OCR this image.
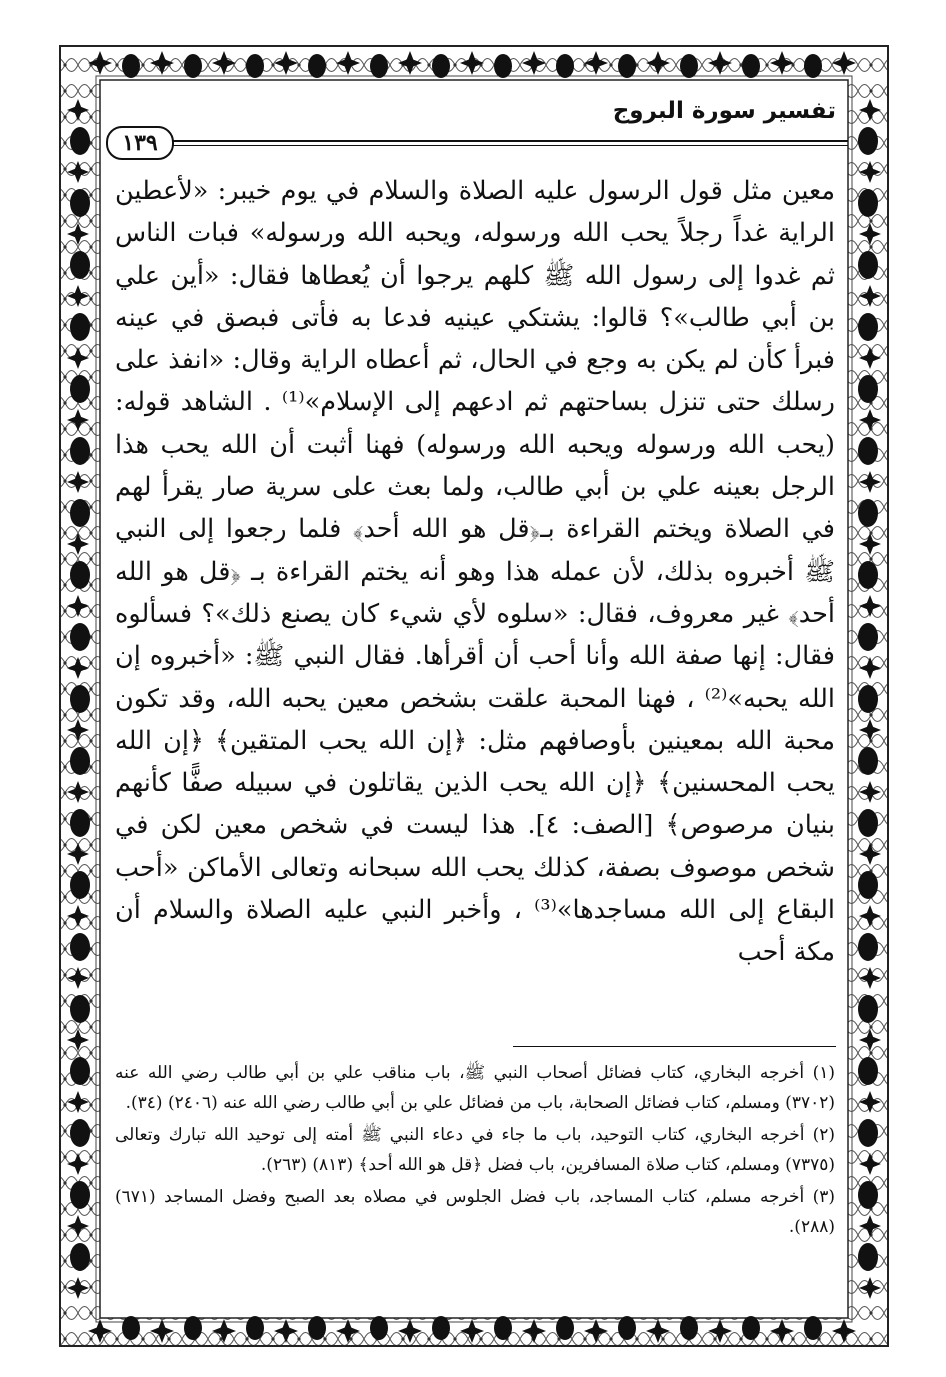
تفسير سورة البروج
١٣٩

معين مثل قول الرسول عليه الصلاة والسلام في يوم خيبر: «لأعطين الراية غداً رجلاً يحب الله ورسوله، ويحبه الله ورسوله» فبات الناس ثم غدوا إلى رسول الله ﷺ كلهم يرجوا أن يُعطاها فقال: «أين علي بن أبي طالب»؟ قالوا: يشتكي عينيه فدعا به فأتى فبصق في عينه فبرأ كأن لم يكن به وجع في الحال، ثم أعطاه الراية وقال: «انفذ على رسلك حتى تنزل بساحتهم ثم ادعهم إلى الإسلام»⁽¹⁾ . الشاهد قوله: (يحب الله ورسوله ويحبه الله ورسوله) فهنا أثبت أن الله يحب هذا الرجل بعينه علي بن أبي طالب، ولما بعث على سرية صار يقرأ لهم في الصلاة ويختم القراءة بـ﴿قل هو الله أحد﴾ فلما رجعوا إلى النبي ﷺ أخبروه بذلك، لأن عمله هذا وهو أنه يختم القراءة بـ ﴿قل هو الله أحد﴾ غير معروف، فقال: «سلوه لأي شيء كان يصنع ذلك»؟ فسألوه فقال: إنها صفة الله وأنا أحب أن أقرأها. فقال النبي ﷺ: «أخبروه إن الله يحبه»⁽²⁾ ، فهنا المحبة علقت بشخص معين يحبه الله، وقد تكون محبة الله بمعينين بأوصافهم مثل: ﴿إن الله يحب المتقين﴾ ﴿إن الله يحب المحسنين﴾ ﴿إن الله يحب الذين يقاتلون في سبيله صفًّا كأنهم بنيان مرصوص﴾ [الصف: ٤]. هذا ليست في شخص معين لكن في شخص موصوف بصفة، كذلك يحب الله سبحانه وتعالى الأماكن «أحب البقاع إلى الله مساجدها»⁽³⁾ ، وأخبر النبي عليه الصلاة والسلام أن مكة أحب

(١) أخرجه البخاري، كتاب فضائل أصحاب النبي ﷺ، باب مناقب علي بن أبي طالب رضي الله عنه (٣٧٠٢) ومسلم، كتاب فضائل الصحابة، باب من فضائل علي بن أبي طالب رضي الله عنه (٢٤٠٦) (٣٤).

(٢) أخرجه البخاري، كتاب التوحيد، باب ما جاء في دعاء النبي ﷺ أمته إلى توحيد الله تبارك وتعالى (٧٣٧٥) ومسلم، كتاب صلاة المسافرين، باب فضل ﴿قل هو الله أحد﴾ (٨١٣) (٢٦٣).

(٣) أخرجه مسلم، كتاب المساجد، باب فضل الجلوس في مصلاه بعد الصبح وفضل المساجد (٦٧١) (٢٨٨).
